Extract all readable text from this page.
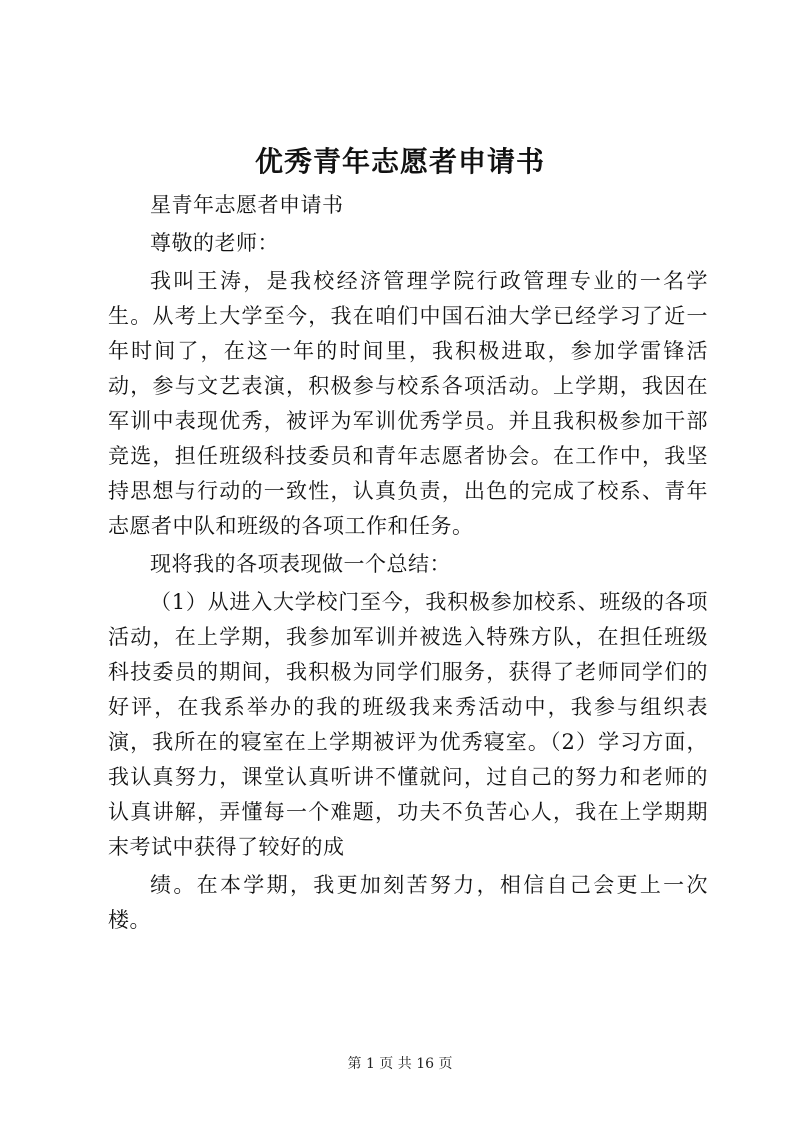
优秀青年志愿者申请书

星青年志愿者申请书

尊敬的老师：

我叫王涛，是我校经济管理学院行政管理专业的一名学生。从考上大学至今，我在咱们中国石油大学已经学习了近一年时间了，在这一年的时间里，我积极进取，参加学雷锋活动，参与文艺表演，积极参与校系各项活动。上学期，我因在军训中表现优秀，被评为军训优秀学员。并且我积极参加干部竞选，担任班级科技委员和青年志愿者协会。在工作中，我坚持思想与行动的一致性，认真负责，出色的完成了校系、青年志愿者中队和班级的各项工作和任务。

现将我的各项表现做一个总结：

（1）从进入大学校门至今，我积极参加校系、班级的各项活动，在上学期，我参加军训并被选入特殊方队，在担任班级科技委员的期间，我积极为同学们服务，获得了老师同学们的好评，在我系举办的我的班级我来秀活动中，我参与组织表演，我所在的寝室在上学期被评为优秀寝室。（2）学习方面，我认真努力，课堂认真听讲不懂就问，过自己的努力和老师的认真讲解，弄懂每一个难题，功夫不负苦心人，我在上学期期末考试中获得了较好的成

绩。在本学期，我更加刻苦努力，相信自己会更上一次楼。

第 1 页 共 16 页
